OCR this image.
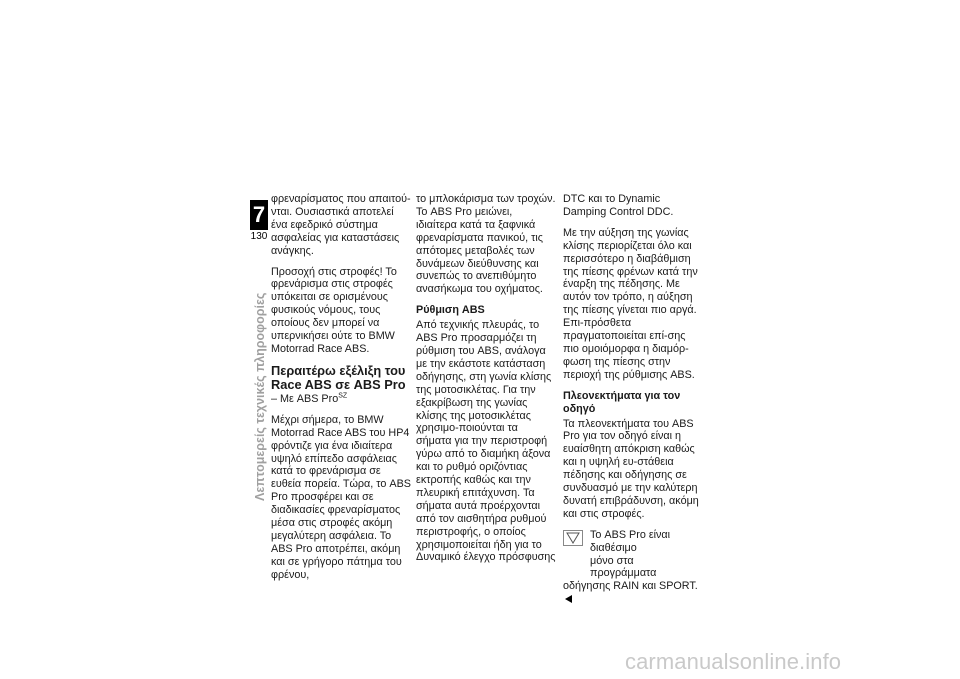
7
130
Λεπτομερείς τεχνικές πληροφορίες

φρεναρίσματος που απαιτού-νται. Ουσιαστικά αποτελεί ένα εφεδρικό σύστημα ασφαλείας για καταστάσεις ανάγκης.

Προσοχή στις στροφές! Το φρενάρισμα στις στροφές υπόκειται σε ορισμένους φυσικούς νόμους, τους οποίους δεν μπορεί να υπερνικήσει ούτε το BMW Motorrad Race ABS.

Περαιτέρω εξέλιξη του Race ABS σε ABS Pro

– Με ABS Pro$^{SZ}$

Μέχρι σήμερα, το BMW Motorrad Race ABS του HP4 φρόντιζε για ένα ιδιαίτερα υψηλό επίπεδο ασφάλειας κατά το φρενάρισμα σε ευθεία πορεία. Τώρα, το ABS Pro προσφέρει και σε διαδικασίες φρεναρίσματος μέσα στις στροφές ακόμη μεγαλύτερη ασφάλεια. Το ABS Pro αποτρέπει, ακόμη και σε γρήγορο πάτημα του φρένου,

το μπλοκάρισμα των τροχών. Το ABS Pro μειώνει, ιδιαίτερα κατά τα ξαφνικά φρεναρίσματα πανικού, τις απότομες μεταβολές των δυνάμεων διεύθυνσης και συνεπώς το ανεπιθύμητο ανασήκωμα του οχήματος.

Ρύθμιση ABS

Από τεχνικής πλευράς, το ABS Pro προσαρμόζει τη ρύθμιση του ABS, ανάλογα με την εκάστοτε κατάσταση οδήγησης, στη γωνία κλίσης της μοτοσικλέτας. Για την εξακρίβωση της γωνίας κλίσης της μοτοσικλέτας χρησιμο-ποιούνται τα σήματα για την περιστροφή γύρω από το διαμήκη άξονα και το ρυθμό οριζόντιας εκτροπής καθώς και την πλευρική επιτάχυνση. Τα σήματα αυτά προέρχονται από τον αισθητήρα ρυθμού περιστροφής, ο οποίος χρησιμοποιείται ήδη για το Δυναμικό έλεγχο πρόσφυσης

DTC και το Dynamic Damping Control DDC.

Με την αύξηση της γωνίας κλίσης περιορίζεται όλο και περισσότερο η διαβάθμιση της πίεσης φρένων κατά την έναρξη της πέδησης. Με αυτόν τον τρόπο, η αύξηση της πίεσης γίνεται πιο αργά. Επι-πρόσθετα πραγματοποιείται επί-σης πιο ομοιόμορφα η διαμόρ-φωση της πίεσης στην περιοχή της ρύθμισης ABS.

Πλεονεκτήματα για τον οδηγό

Τα πλεονεκτήματα του ABS Pro για τον οδηγό είναι η ευαίσθητη απόκριση καθώς και η υψηλή ευ-στάθεια πέδησης και οδήγησης σε συνδυασμό με την καλύτερη δυνατή επιβράδυνση, ακόμη και στις στροφές.

Το ABS Pro είναι διαθέσιμο
μόνο στα προγράμματα
οδήγησης RAIN και SPORT.
carmanualsonline.info
